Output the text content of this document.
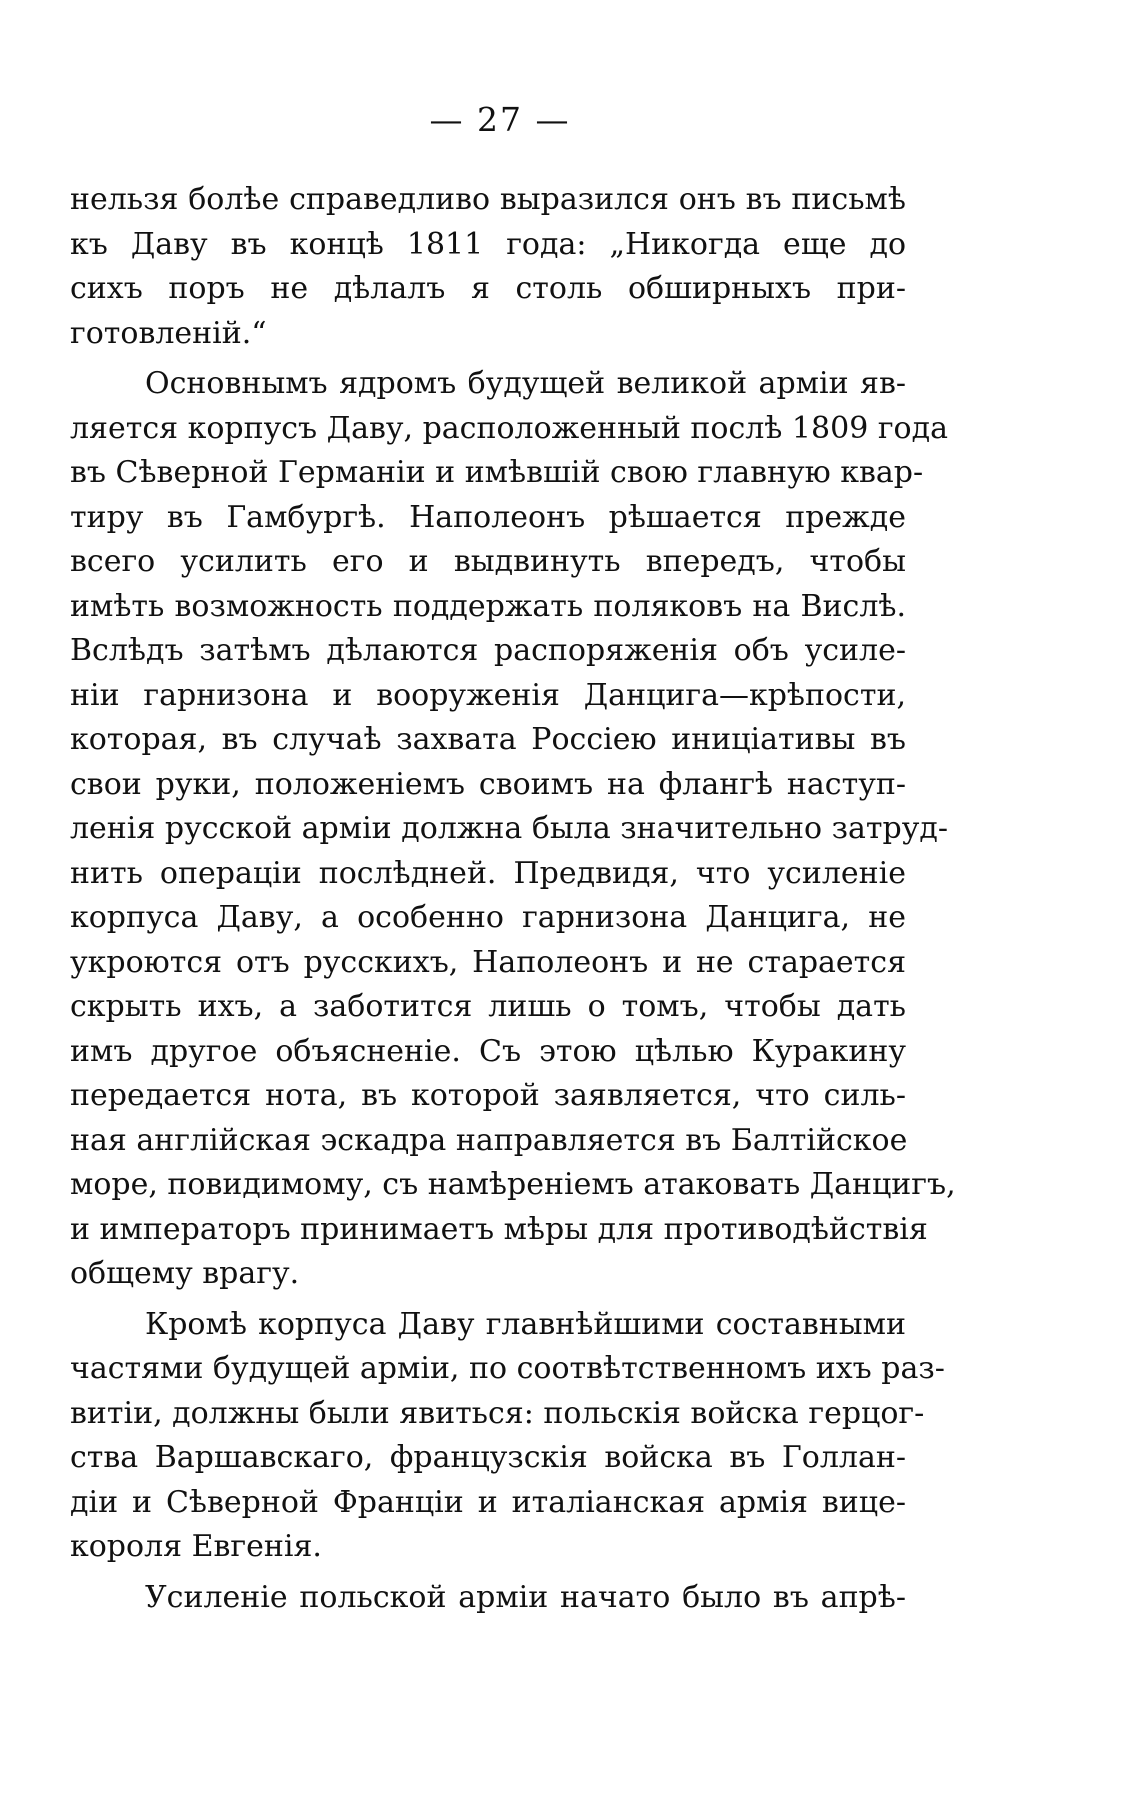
— 27 —
нельзя болѣе справедливо выразился онъ въ письмѣ
къ Даву въ концѣ 1811 года: „Никогда еще до
сихъ поръ не дѣлалъ я столь обширныхъ при-
готовленій.“
Основнымъ ядромъ будущей великой арміи яв-
ляется корпусъ Даву, расположенный послѣ 1809 года
въ Сѣверной Германіи и имѣвшій свою главную квар-
тиру въ Гамбургѣ. Наполеонъ рѣшается прежде
всего усилить его и выдвинуть впередъ, чтобы
имѣть возможность поддержать поляковъ на Вислѣ.
Вслѣдъ затѣмъ дѣлаются распоряженія объ усиле-
ніи гарнизона и вооруженія Данцига—крѣпости,
которая, въ случаѣ захвата Россіею иниціативы въ
свои руки, положеніемъ своимъ на флангѣ наступ-
ленія русской арміи должна была значительно затруд-
нить операціи послѣдней. Предвидя, что усиленіе
корпуса Даву, а особенно гарнизона Данцига, не
укроются отъ русскихъ, Наполеонъ и не старается
скрыть ихъ, а заботится лишь о томъ, чтобы дать
имъ другое объясненіе. Съ этою цѣлью Куракину
передается нота, въ которой заявляется, что силь-
ная англійская эскадра направляется въ Балтійское
море, повидимому, съ намѣреніемъ атаковать Данцигъ,
и императоръ принимаетъ мѣры для противодѣйствія
общему врагу.
Кромѣ корпуса Даву главнѣйшими составными
частями будущей арміи, по соотвѣтственномъ ихъ раз-
витіи, должны были явиться: польскія войска герцог-
ства Варшавскаго, французскія войска въ Голлан-
діи и Сѣверной Франціи и италіанская армія вице-
короля Евгенія.
Усиленіе польской арміи начато было въ апрѣ-
